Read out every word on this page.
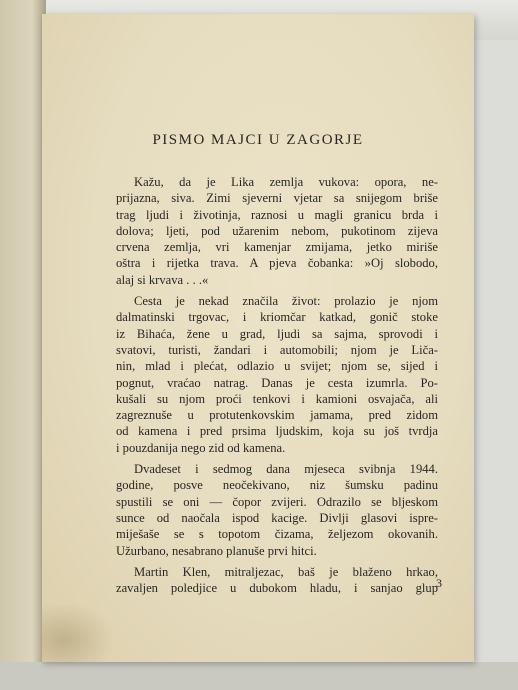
PISMO MAJCI U ZAGORJE
Kažu, da je Lika zemlja vukova: opora, ne-
prijazna, siva. Zimi sjeverni vjetar sa snijegom briše
trag ljudi i životinja, raznosi u magli granicu brda i
dolova; ljeti, pod užarenim nebom, pukotinom zijeva
crvena zemlja, vri kamenjar zmijama, jetko miriše
oštra i rijetka trava. A pjeva čobanka: »Oj slobodo,
alaj si krvava . . .«
Cesta je nekad značila život: prolazio je njom
dalmatinski trgovac, i kriomčar katkad, gonič stoke
iz Bihaća, žene u grad, ljudi sa sajma, sprovodi i
svatovi, turisti, žandari i automobili; njom je Liča-
nin, mlad i plećat, odlazio u svijet; njom se, sijed i
pognut, vraćao natrag. Danas je cesta izumrla. Po-
kušali su njom proći tenkovi i kamioni osvajača, ali
zagreznuše u protutenkovskim jamama, pred zidom
od kamena i pred prsima ljudskim, koja su još tvrdja
i pouzdanija nego zid od kamena.
Dvadeset i sedmog dana mjeseca svibnja 1944.
godine, posve neočekivano, niz šumsku padinu
spustili se oni — čopor zvijeri. Odrazilo se bljeskom
sunce od naočala ispod kacige. Divlji glasovi ispre-
miješaše se s topotom čizama, željezom okovanih.
Užurbano, nesabrano planuše prvi hitci.
Martin Klen, mitraljezac, baš je blaženo hrkao,
zavaljen poledjice u dubokom hladu, i sanjao glup
3
